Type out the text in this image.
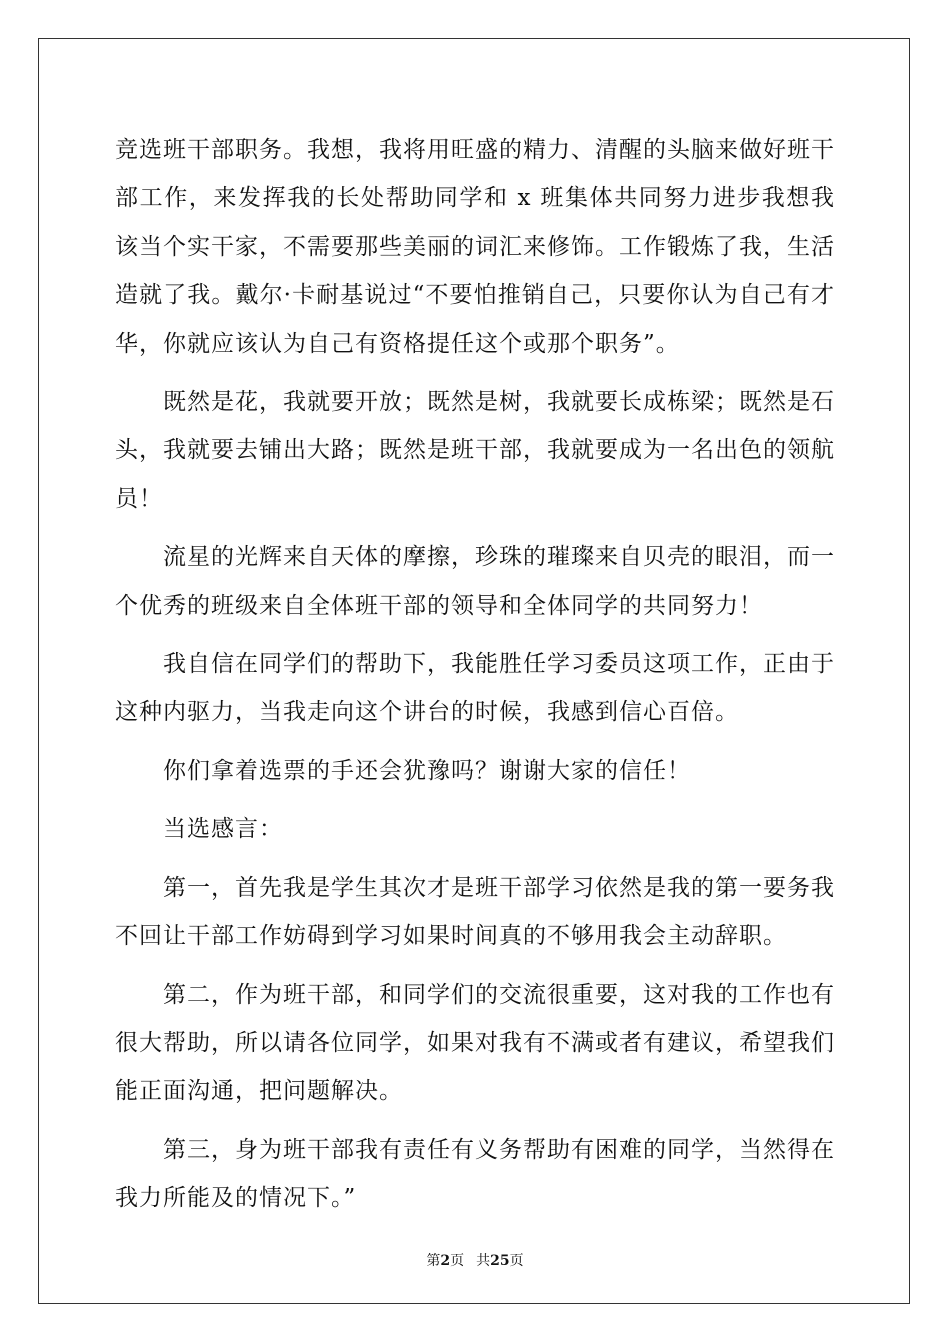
竞选班干部职务。我想，我将用旺盛的精力、清醒的头脑来做好班干部工作，来发挥我的长处帮助同学和 x 班集体共同努力进步我想我该当个实干家，不需要那些美丽的词汇来修饰。工作锻炼了我，生活造就了我。戴尔·卡耐基说过“不要怕推销自己，只要你认为自己有才华，你就应该认为自己有资格提任这个或那个职务”。

既然是花，我就要开放；既然是树，我就要长成栋梁；既然是石头，我就要去铺出大路；既然是班干部，我就要成为一名出色的领航员！

流星的光辉来自天体的摩擦，珍珠的璀璨来自贝壳的眼泪，而一个优秀的班级来自全体班干部的领导和全体同学的共同努力！

我自信在同学们的帮助下，我能胜任学习委员这项工作，正由于这种内驱力，当我走向这个讲台的时候，我感到信心百倍。

你们拿着选票的手还会犹豫吗？谢谢大家的信任！

当选感言：

第一，首先我是学生其次才是班干部学习依然是我的第一要务我不回让干部工作妨碍到学习如果时间真的不够用我会主动辞职。

第二，作为班干部，和同学们的交流很重要，这对我的工作也有很大帮助，所以请各位同学，如果对我有不满或者有建议，希望我们能正面沟通，把问题解决。

第三，身为班干部我有责任有义务帮助有困难的同学，当然得在我力所能及的情况下。”

第2页 共25页
